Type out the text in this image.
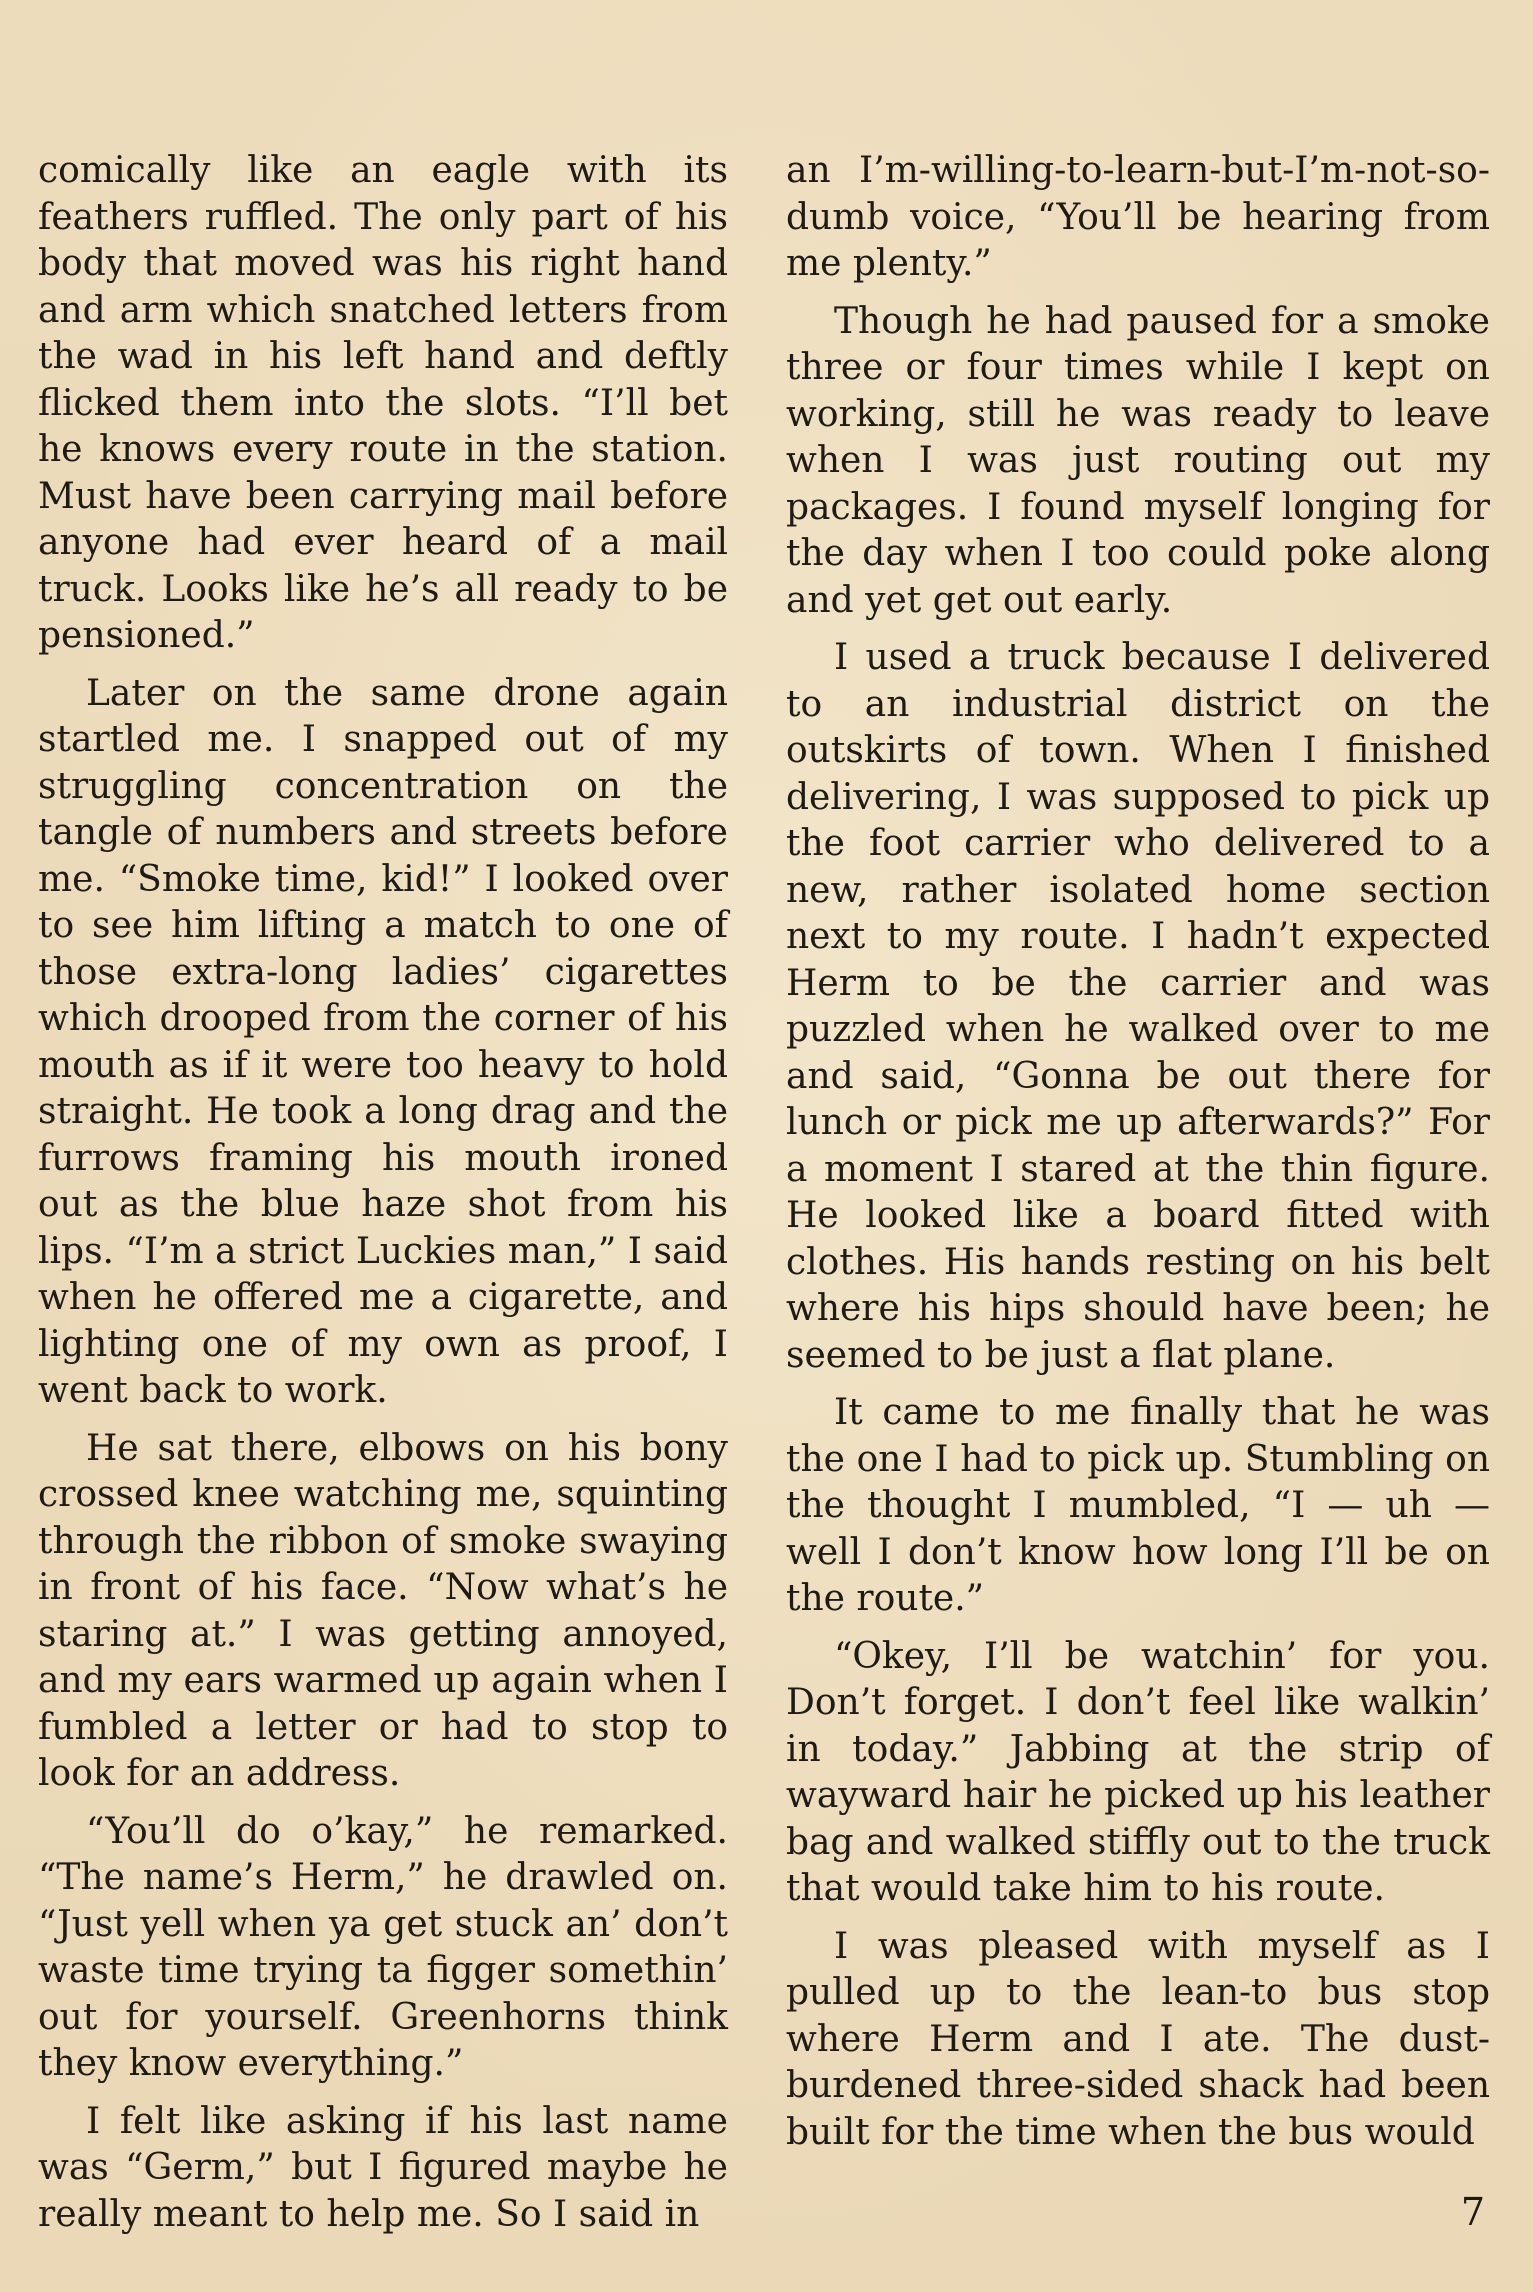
comically like an eagle with its feathers ruffled. The only part of his body that moved was his right hand and arm which snatched letters from the wad in his left hand and deftly flicked them into the slots. “I’ll bet he knows every route in the station. Must have been carrying mail before anyone had ever heard of a mail truck. Looks like he’s all ready to be pensioned.”

Later on the same drone again startled me. I snapped out of my struggling concentration on the tangle of numbers and streets before me. “Smoke time, kid!” I looked over to see him lifting a match to one of those extra-long ladies’ cigarettes which drooped from the corner of his mouth as if it were too heavy to hold straight. He took a long drag and the furrows framing his mouth ironed out as the blue haze shot from his lips. “I’m a strict Luckies man,” I said when he offered me a cigarette, and lighting one of my own as proof, I went back to work.

He sat there, elbows on his bony crossed knee watching me, squinting through the ribbon of smoke swaying in front of his face. “Now what’s he staring at.” I was getting annoyed, and my ears warmed up again when I fumbled a letter or had to stop to look for an address.

“You’ll do o’kay,” he remarked. “The name’s Herm,” he drawled on. “Just yell when ya get stuck an’ don’t waste time trying ta figger somethin’ out for yourself. Greenhorns think they know everything.”

I felt like asking if his last name was “Germ,” but I figured maybe he really meant to help me. So I said in

an I’m-willing-to-learn-but-I’m-not-so-dumb voice, “You’ll be hearing from me plenty.”

Though he had paused for a smoke three or four times while I kept on working, still he was ready to leave when I was just routing out my packages. I found myself longing for the day when I too could poke along and yet get out early.

I used a truck because I delivered to an industrial district on the outskirts of town. When I finished delivering, I was supposed to pick up the foot carrier who delivered to a new, rather isolated home section next to my route. I hadn’t expected Herm to be the carrier and was puzzled when he walked over to me and said, “Gonna be out there for lunch or pick me up afterwards?” For a moment I stared at the thin figure. He looked like a board fitted with clothes. His hands resting on his belt where his hips should have been; he seemed to be just a flat plane.

It came to me finally that he was the one I had to pick up. Stumbling on the thought I mumbled, “I — uh — well I don’t know how long I’ll be on the route.”

“Okey, I’ll be watchin’ for you. Don’t forget. I don’t feel like walkin’ in today.” Jabbing at the strip of wayward hair he picked up his leather bag and walked stiffly out to the truck that would take him to his route.

I was pleased with myself as I pulled up to the lean-to bus stop where Herm and I ate. The dust-burdened three-sided shack had been built for the time when the bus would

7
